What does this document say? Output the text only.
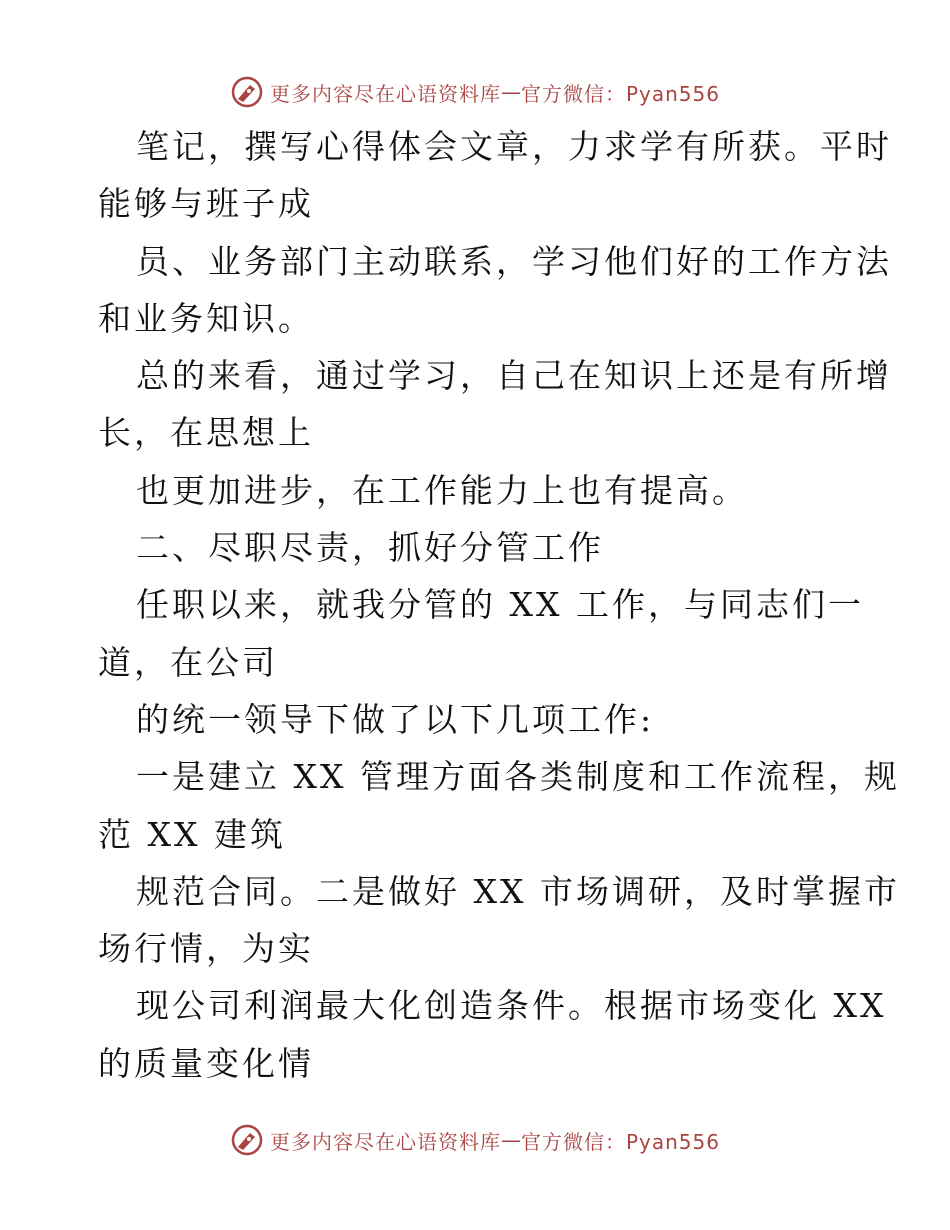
更多内容尽在心语资料库 — 官方微信：Pyan556
笔记，撰写心得体会文章，力求学有所获。平时
能够与班子成
员、业务部门主动联系，学习他们好的工作方法
和业务知识。
总的来看，通过学习，自己在知识上还是有所增
长，在思想上
也更加进步，在工作能力上也有提高。
二、尽职尽责，抓好分管工作
任职以来，就我分管的 XX 工作，与同志们一
道，在公司
的统一领导下做了以下几项工作:
一是建立 XX 管理方面各类制度和工作流程，规
范 XX 建筑
规范合同。二是做好 XX 市场调研，及时掌握市
场行情，为实
现公司利润最大化创造条件。根据市场变化 XX
的质量变化情
更多内容尽在心语资料库 — 官方微信：Pyan556
